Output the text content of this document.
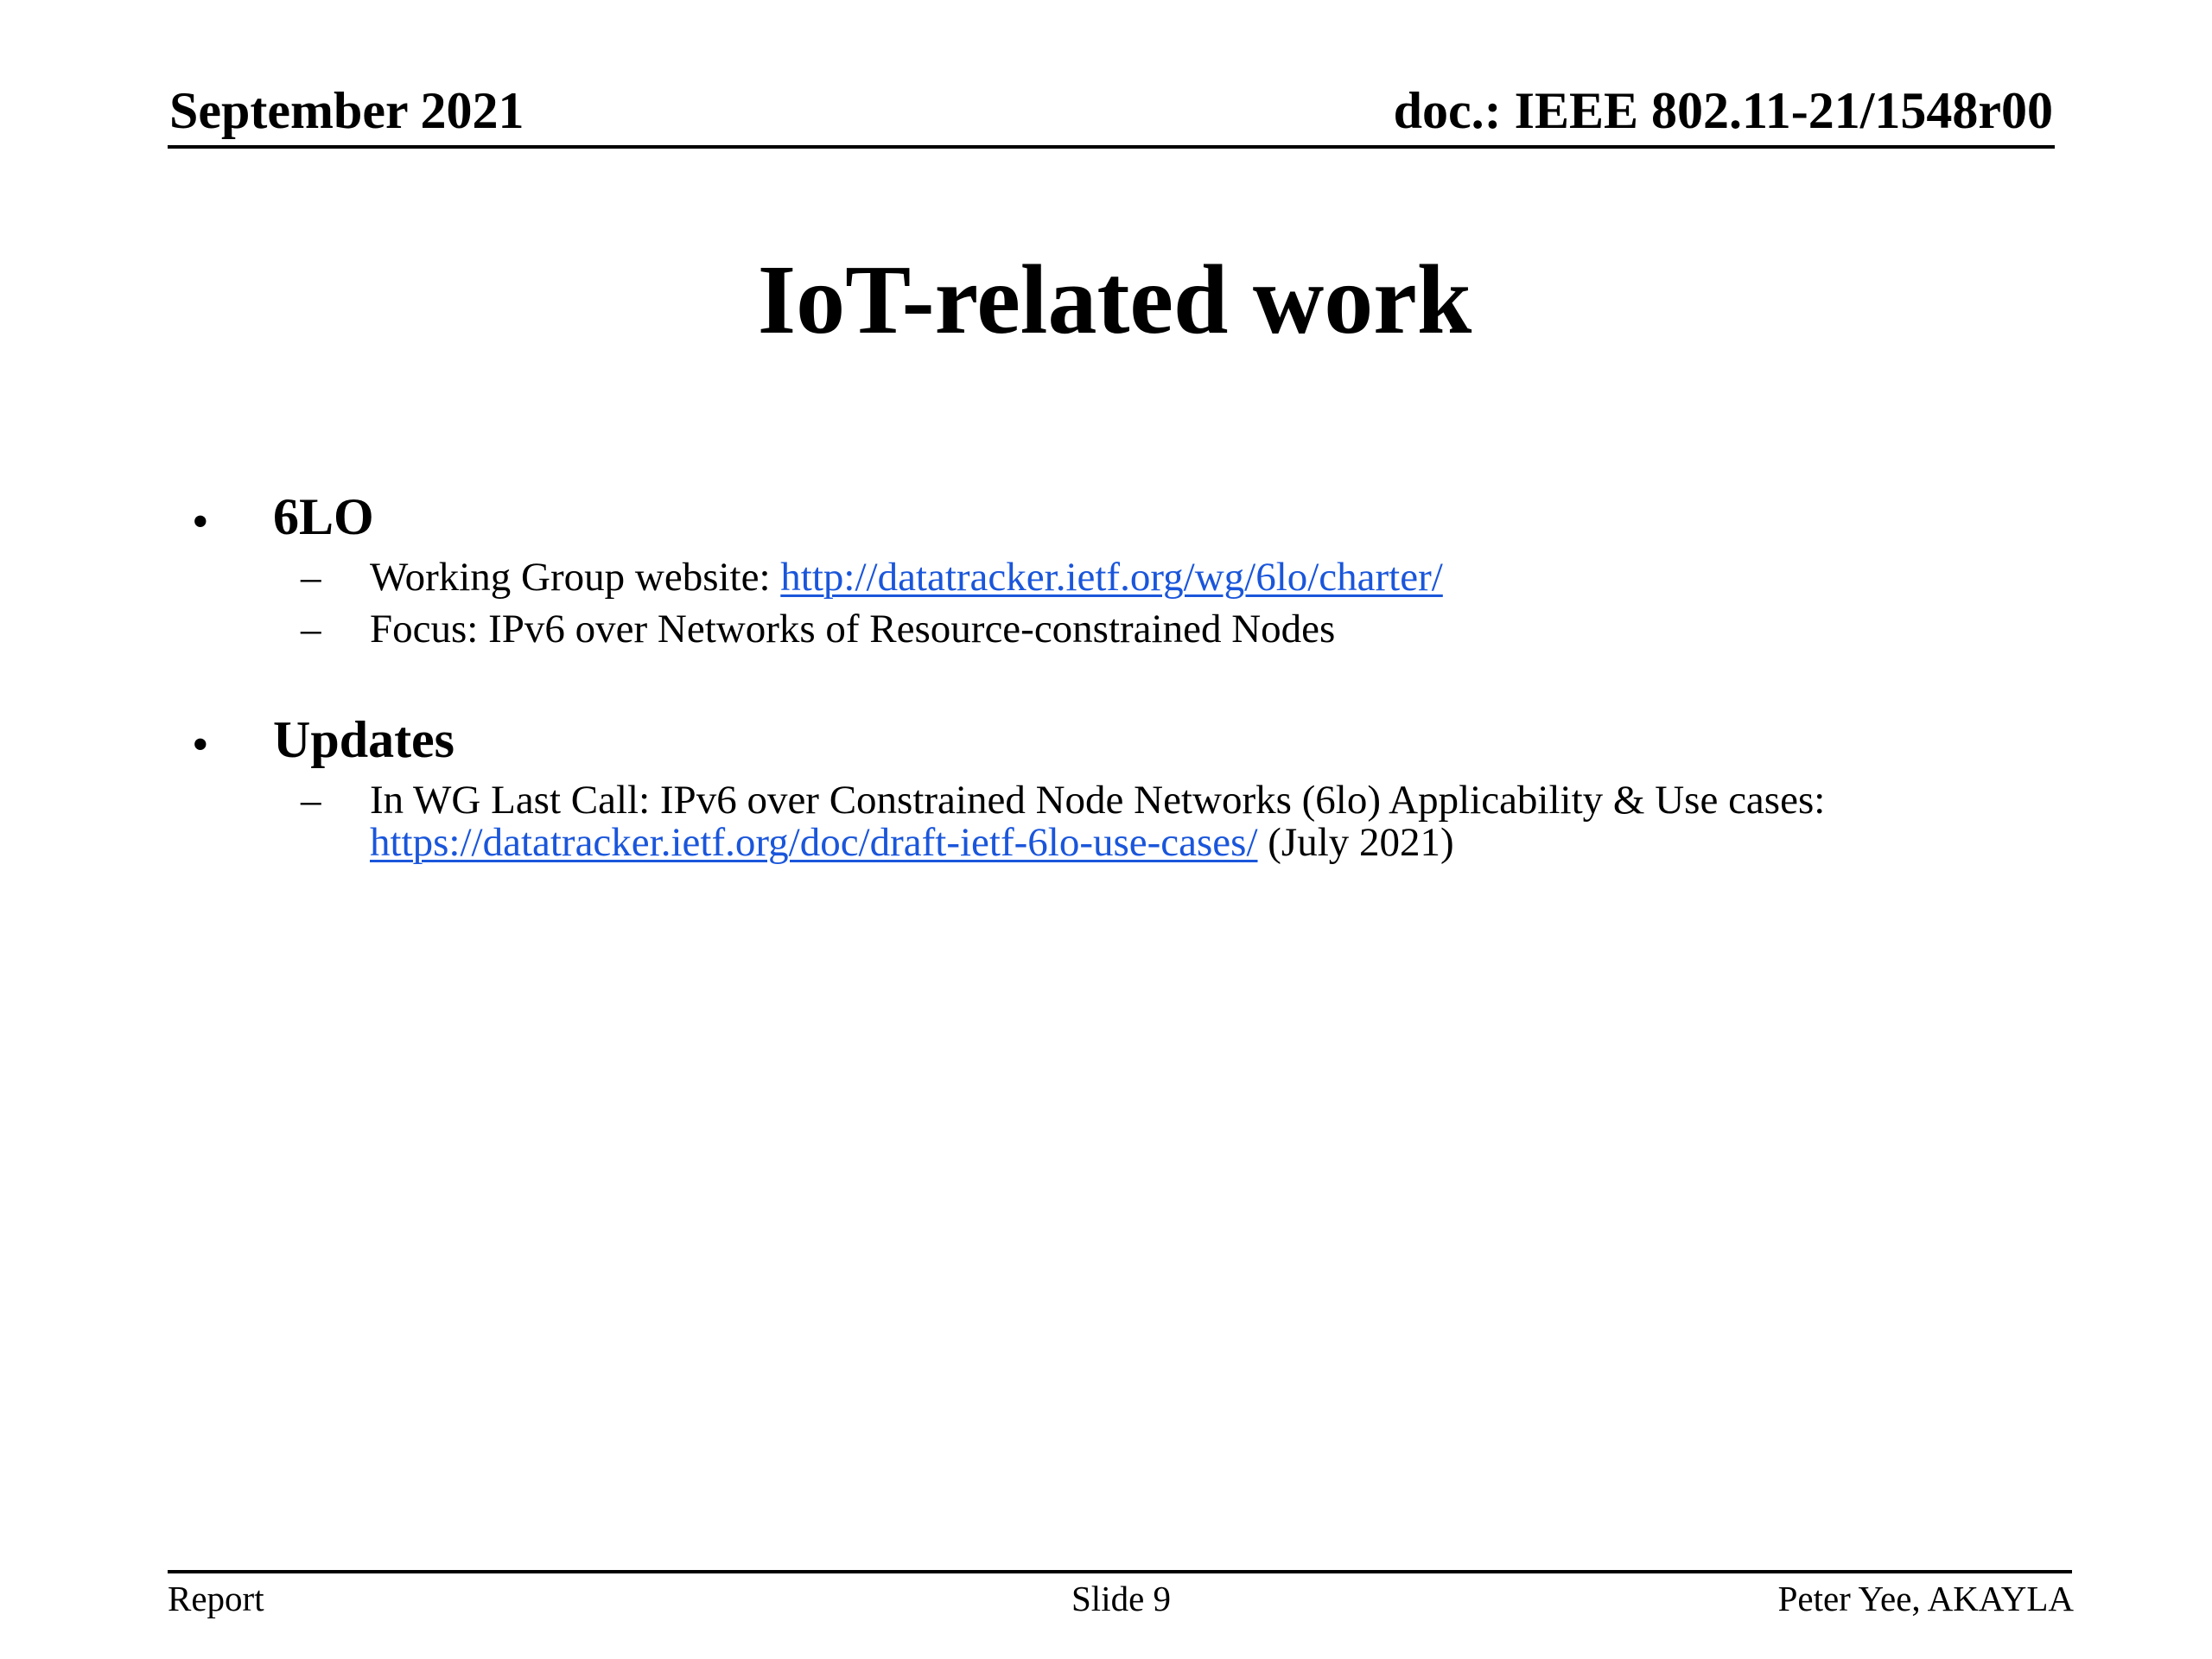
September 2021	doc.: IEEE 802.11-21/1548r00
IoT-related work
• 6LO
– Working Group website: http://datatracker.ietf.org/wg/6lo/charter/
– Focus: IPv6 over Networks of Resource-constrained Nodes
• Updates
– In WG Last Call: IPv6 over Constrained Node Networks (6lo) Applicability & Use cases:
https://datatracker.ietf.org/doc/draft-ietf-6lo-use-cases/ (July 2021)
Report	Slide 9	Peter Yee, AKAYLA
